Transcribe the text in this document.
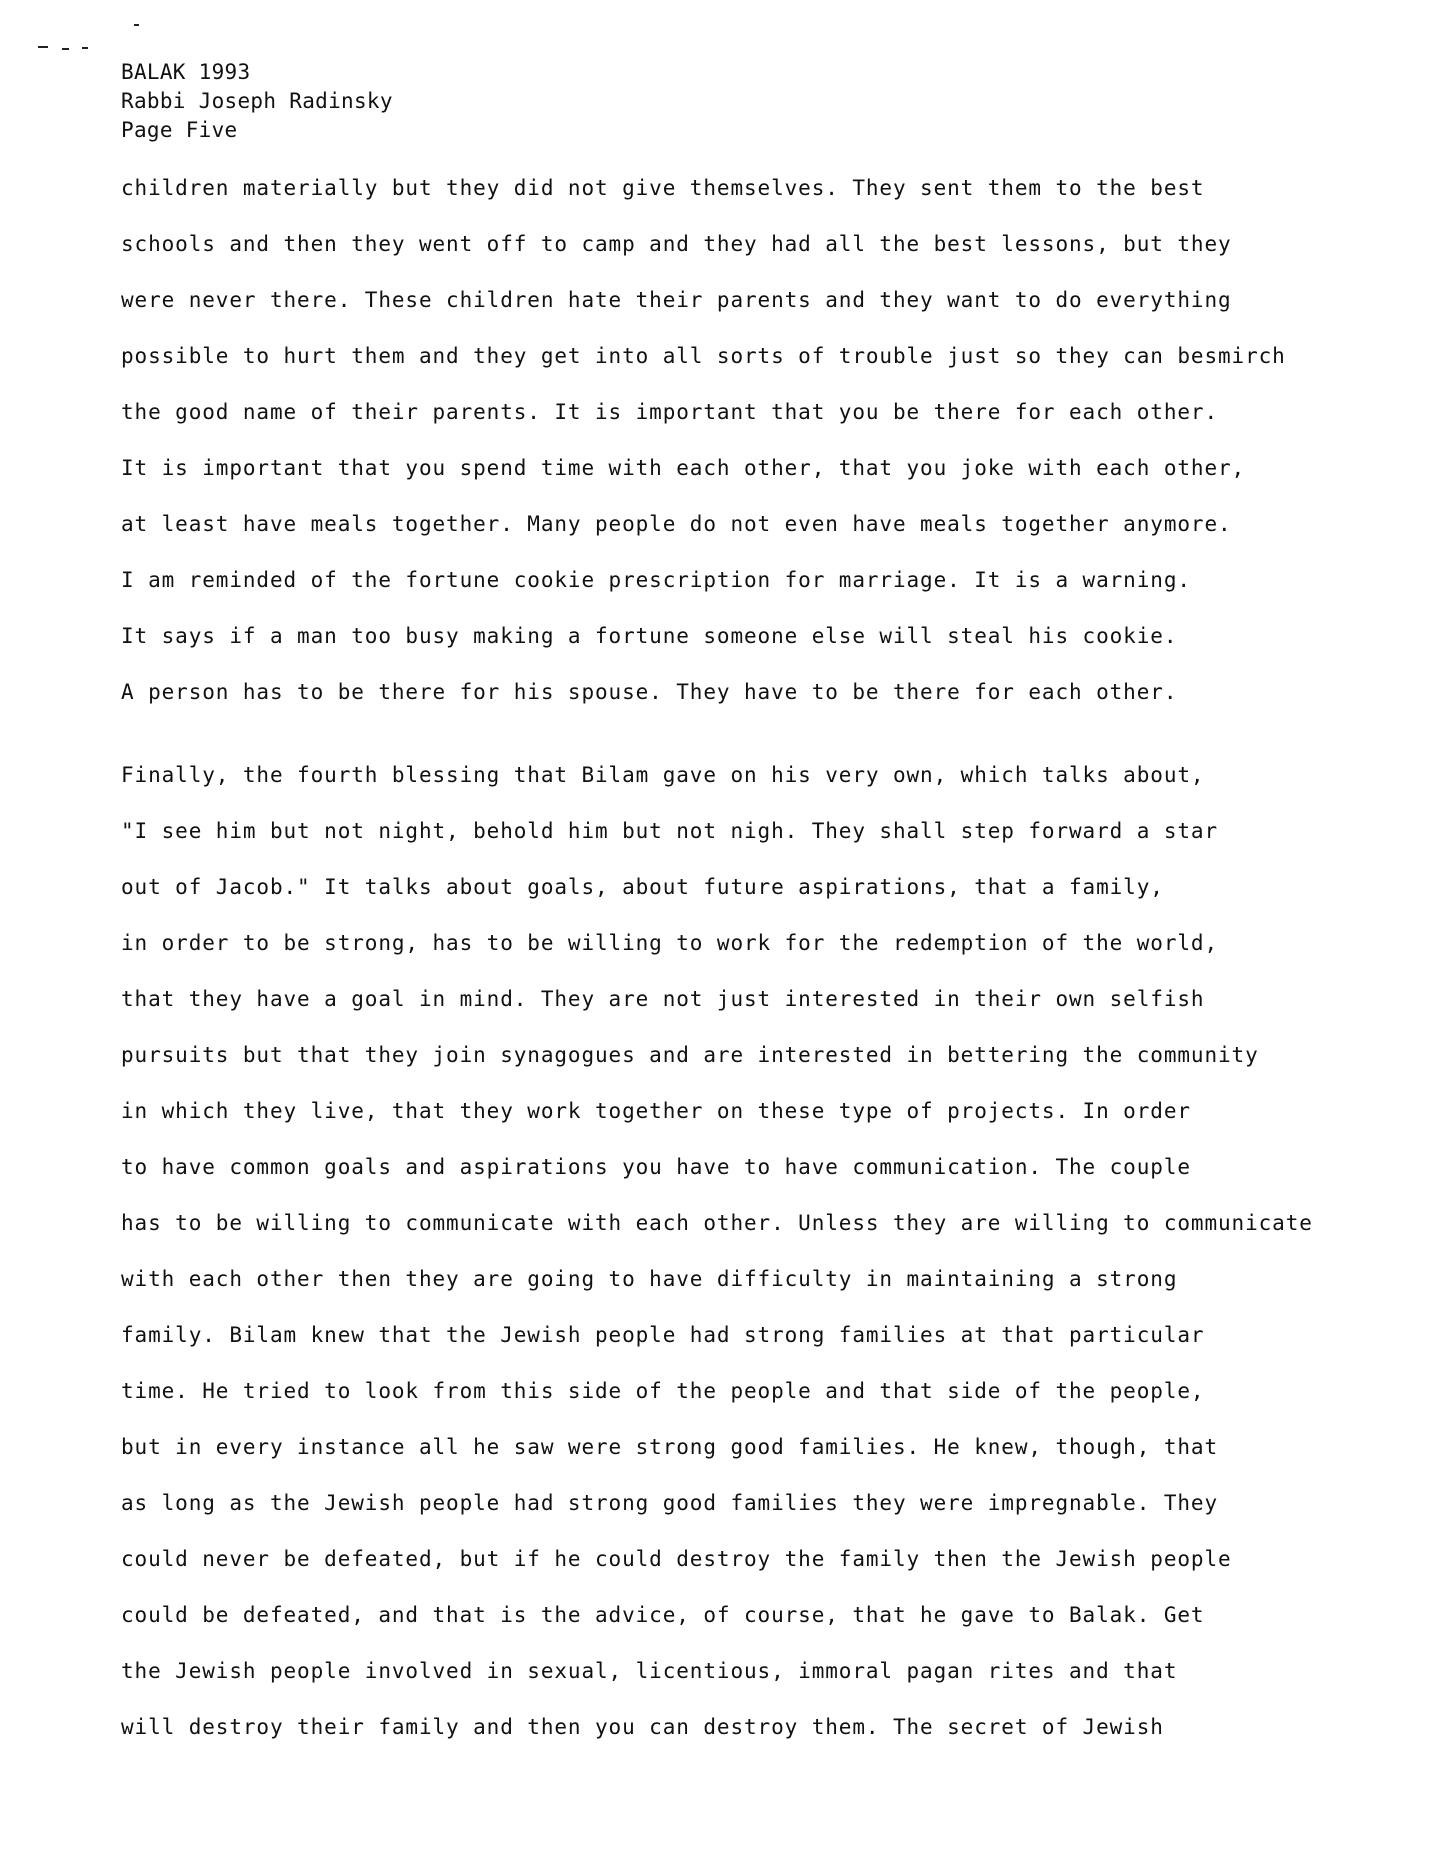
BALAK 1993
Rabbi Joseph Radinsky
Page Five
children materially but they did not give themselves. They sent them to the best
schools and then they went off to camp and they had all the best lessons, but they
were never there. These children hate their parents and they want to do everything
possible to hurt them and they get into all sorts of trouble just so they can besmirch
the good name of their parents. It is important that you be there for each other.
It is important that you spend time with each other, that you joke with each other,
at least have meals together. Many people do not even have meals together anymore.
I am reminded of the fortune cookie prescription for marriage. It is a warning.
It says if a man too busy making a fortune someone else will steal his cookie.
A person has to be there for his spouse. They have to be there for each other.
Finally, the fourth blessing that Bilam gave on his very own, which talks about,
"I see him but not night, behold him but not nigh. They shall step forward a star
out of Jacob." It talks about goals, about future aspirations, that a family,
in order to be strong, has to be willing to work for the redemption of the world,
that they have a goal in mind. They are not just interested in their own selfish
pursuits but that they join synagogues and are interested in bettering the community
in which they live, that they work together on these type of projects. In order
to have common goals and aspirations you have to have communication. The couple
has to be willing to communicate with each other. Unless they are willing to communicate
with each other then they are going to have difficulty in maintaining a strong
family. Bilam knew that the Jewish people had strong families at that particular
time. He tried to look from this side of the people and that side of the people,
but in every instance all he saw were strong good families. He knew, though, that
as long as the Jewish people had strong good families they were impregnable. They
could never be defeated, but if he could destroy the family then the Jewish people
could be defeated, and that is the advice, of course, that he gave to Balak. Get
the Jewish people involved in sexual, licentious, immoral pagan rites and that
will destroy their family and then you can destroy them. The secret of Jewish
